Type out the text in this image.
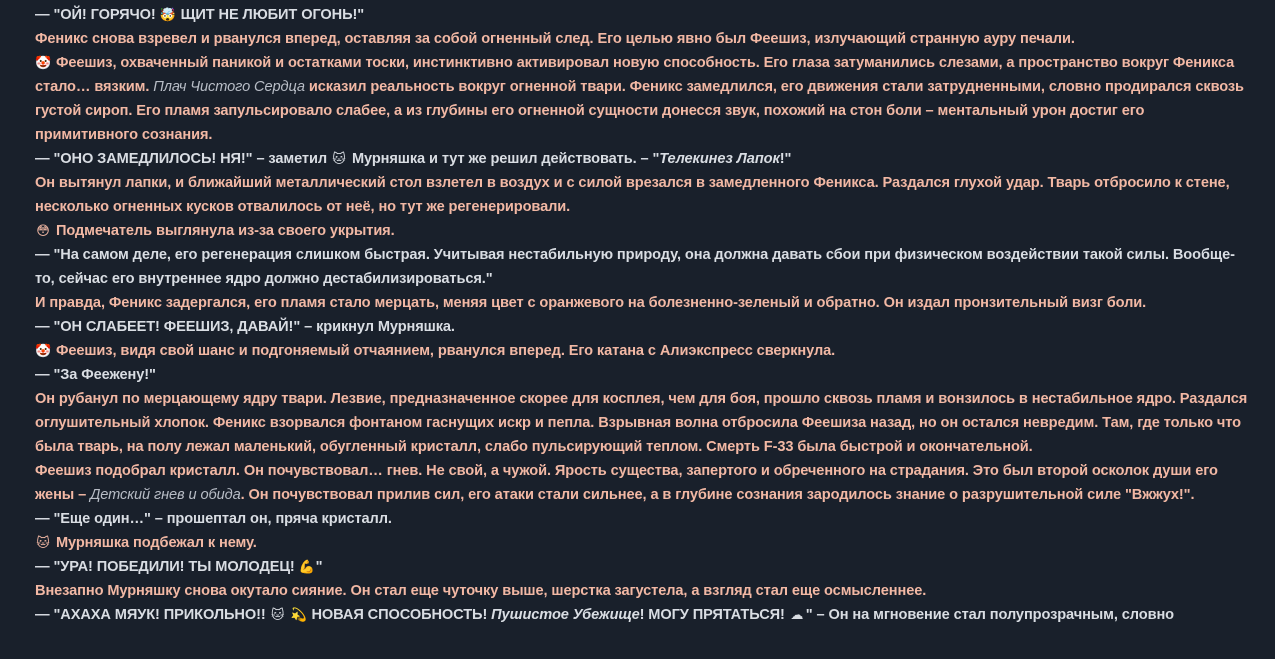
— "ОЙ! ГОРЯЧО! 🤯 ЩИТ НЕ ЛЮБИТ ОГОНЬ!"
Феникс снова взревел и рванулся вперед, оставляя за собой огненный след. Его целью явно был Феешиз, излучающий странную ауру печали.
🤡 Феешиз, охваченный паникой и остатками тоски, инстинктивно активировал новую способность. Его глаза затуманились слезами, а пространство вокруг Феникса стало… вязким. Плач Чистого Сердца исказил реальность вокруг огненной твари. Феникс замедлился, его движения стали затрудненными, словно продирался сквозь густой сироп. Его пламя запульсировало слабее, а из глубины его огненной сущности донесся звук, похожий на стон боли – ментальный урон достиг его примитивного сознания.
— "ОНО ЗАМЕДЛИЛОСЬ! НЯ!" – заметил 🐱 Мурняшка и тут же решил действовать. – "Телекинез Лапок!"
Он вытянул лапки, и ближайший металлический стол взлетел в воздух и с силой врезался в замедленного Феникса. Раздался глухой удар. Тварь отбросило к стене, несколько огненных кусков отвалилось от неё, но тут же регенерировали.
😳 Подмечатель выглянула из-за своего укрытия.
— "На самом деле, его регенерация слишком быстрая. Учитывая нестабильную природу, она должна давать сбои при физическом воздействии такой силы. Вообще-то, сейчас его внутреннее ядро должно дестабилизироваться."
И правда, Феникс задергался, его пламя стало мерцать, меняя цвет с оранжевого на болезненно-зеленый и обратно. Он издал пронзительный визг боли.
— "ОН СЛАБЕЕТ! ФЕЕШИЗ, ДАВАЙ!" – крикнул Мурняшка.
🤡 Феешиз, видя свой шанс и подгоняемый отчаянием, рванулся вперед. Его катана с Алиэкспресс сверкнула.
— "За Феежену!"
Он рубанул по мерцающему ядру твари. Лезвие, предназначенное скорее для косплея, чем для боя, прошло сквозь пламя и вонзилось в нестабильное ядро. Раздался оглушительный хлопок. Феникс взорвался фонтаном гаснущих искр и пепла. Взрывная волна отбросила Феешиза назад, но он остался невредим. Там, где только что была тварь, на полу лежал маленький, обугленный кристалл, слабо пульсирующий теплом. Смерть F-33 была быстрой и окончательной.
Феешиз подобрал кристалл. Он почувствовал… гнев. Не свой, а чужой. Ярость существа, запертого и обреченного на страдания. Это был второй осколок души его жены – Детский гнев и обида. Он почувствовал прилив сил, его атаки стали сильнее, а в глубине сознания зародилось знание о разрушительной силе "Вжжух!".
— "Еще один…" – прошептал он, пряча кристалл.
🐱 Мурняшка подбежал к нему.
— "УРА! ПОБЕДИЛИ! ТЫ МОЛОДЕЦ! 💪"
Внезапно Мурняшку снова окутало сияние. Он стал еще чуточку выше, шерстка загустела, а взгляд стал еще осмысленнее.
— "АХАХА МЯУК! ПРИКОЛЬНО!! 🐱 💫 НОВАЯ СПОСОБНОСТЬ! Пушистое Убежище! МОГУ ПРЯТАТЬСЯ! ☁ " – Он на мгновение стал полупрозрачным, словно
